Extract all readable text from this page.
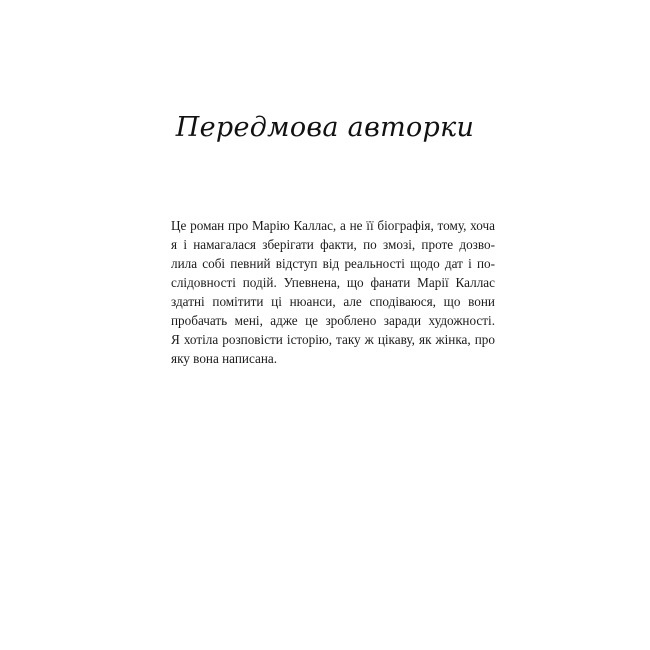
Передмова авторки
Це роман про Марію Каллас, а не її біографія, тому, хоча
я і намагалася зберігати факти, по змозі, проте дозво-
лила собі певний відступ від реальності щодо дат і по-
слідовності подій. Упевнена, що фанати Марії Каллас
здатні помітити ці нюанси, але сподіваюся, що вони
пробачать мені, адже це зроблено заради художності.
Я хотіла розповісти історію, таку ж цікаву, як жінка, про
яку вона написана.
